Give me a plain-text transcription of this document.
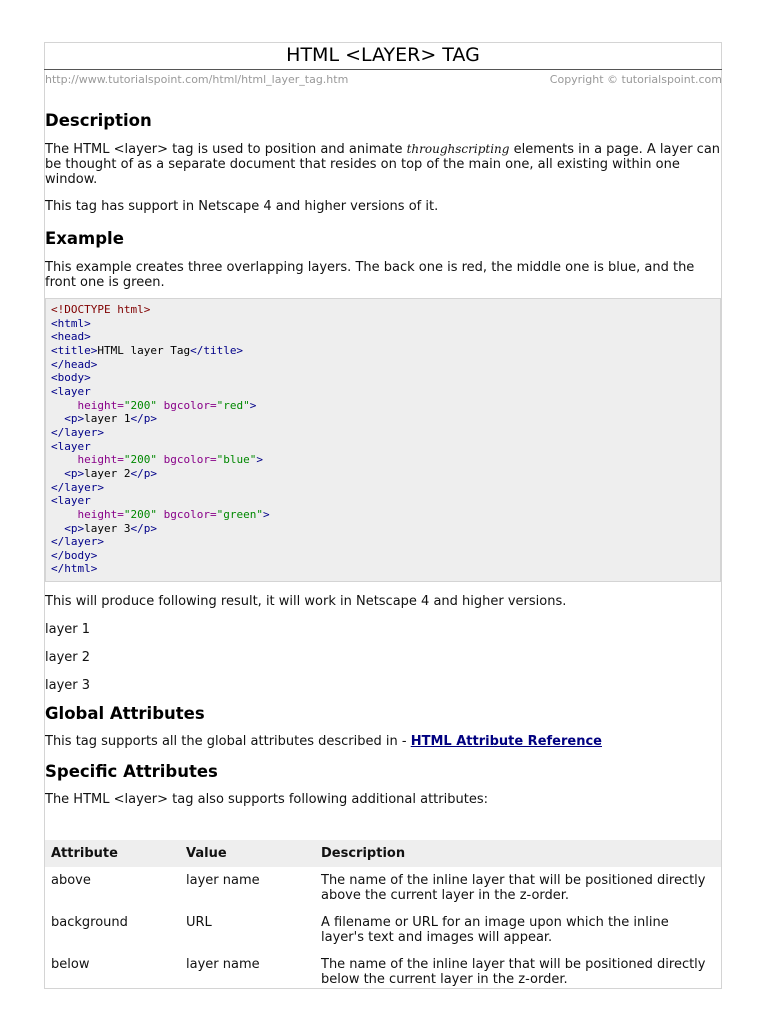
HTML <LAYER> TAG
http://www.tutorialspoint.com/html/html_layer_tag.htm	Copyright © tutorialspoint.com
Description

The HTML <layer> tag is used to position and animate throughscripting elements in a page. A layer can be thought of as a separate document that resides on top of the main one, all existing within one window.

This tag has support in Netscape 4 and higher versions of it.

Example

This example creates three overlapping layers. The back one is red, the middle one is blue, and the front one is green.

<!DOCTYPE html>
<html>
<head>
<title>HTML layer Tag</title>
</head>
<body>
<layer
height="200" bgcolor="red">
<p>layer 1</p>
</layer>
<layer
height="200" bgcolor="blue">
<p>layer 2</p>
</layer>
<layer
height="200" bgcolor="green">
<p>layer 3</p>
</layer>
</body>
</html>

This will produce following result, it will work in Netscape 4 and higher versions.

layer 1

layer 2

layer 3

Global Attributes

This tag supports all the global attributes described in - HTML Attribute Reference

Specific Attributes

The HTML <layer> tag also supports following additional attributes:

Attribute	Value	Description
above	layer name	The name of the inline layer that will be positioned directly above the current layer in the z-order.
background	URL	A filename or URL for an image upon which the inline layer's text and images will appear.
below	layer name	The name of the inline layer that will be positioned directly below the current layer in the z-order.
